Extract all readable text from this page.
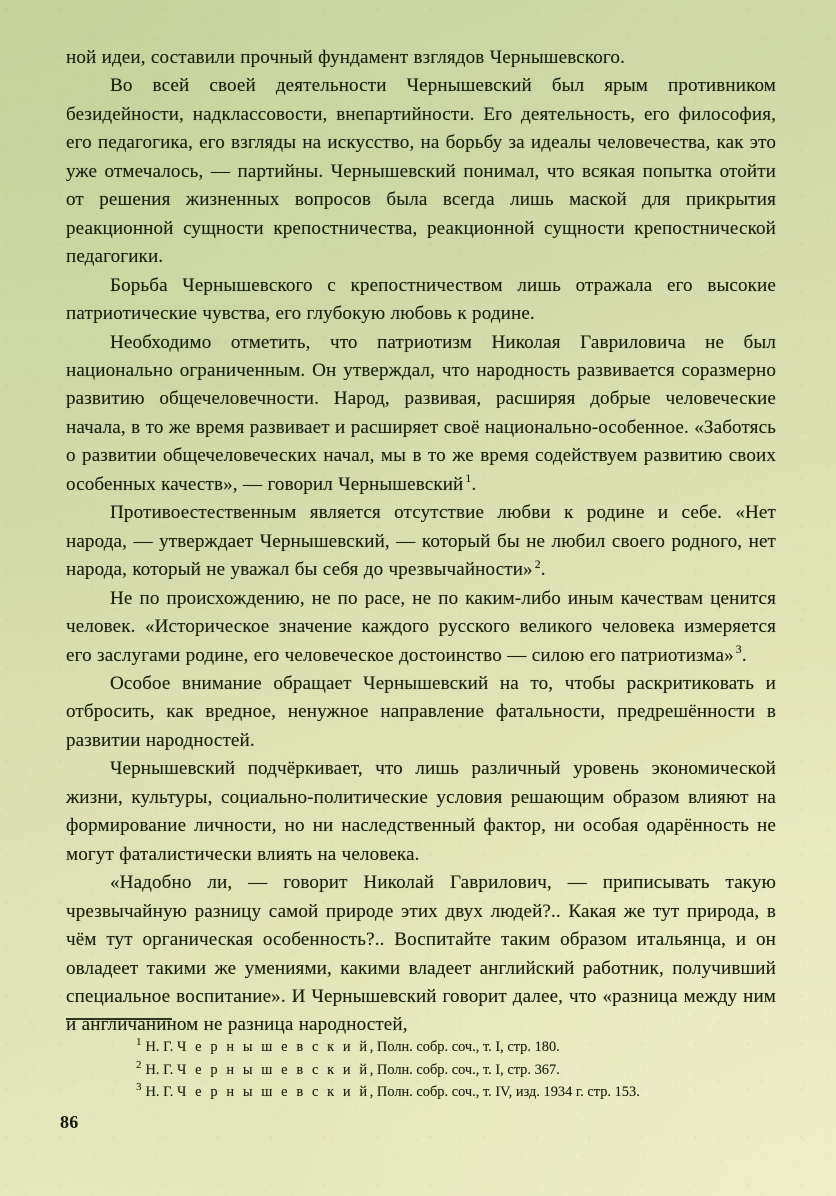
ной идеи, составили прочный фундамент взглядов Чернышевского.

Во всей своей деятельности Чернышевский был ярым противником безидейности, надклассовости, внепартийности. Его деятельность, его философия, его педагогика, его взгляды на искусство, на борьбу за идеалы человечества, как это уже отмечалось, — партийны. Чернышевский понимал, что всякая попытка отойти от решения жизненных вопросов была всегда лишь маской для прикрытия реакционной сущности крепостничества, реакционной сущности крепостнической педагогики.

Борьба Чернышевского с крепостничеством лишь отражала его высокие патриотические чувства, его глубокую любовь к родине.

Необходимо отметить, что патриотизм Николая Гавриловича не был национально ограниченным. Он утверждал, что народность развивается соразмерно развитию общечеловечности. Народ, развивая, расширяя добрые человеческие начала, в то же время развивает и расширяет своё национально-особенное. «Заботясь о развитии общечеловеческих начал, мы в то же время содействуем развитию своих особенных качеств», — говорил Чернышевский $^1$.

Противоестественным является отсутствие любви к родине и себе. «Нет народа, — утверждает Чернышевский, — который бы не любил своего родного, нет народа, который не уважал бы себя до чрезвычайности» $^2$.

Не по происхождению, не по расе, не по каким-либо иным качествам ценится человек. «Историческое значение каждого русского великого человека измеряется его заслугами родине, его человеческое достоинство — силою его патриотизма» $^3$.

Особое внимание обращает Чернышевский на то, чтобы раскритиковать и отбросить, как вредное, ненужное направление фатальности, предрешённости в развитии народностей.

Чернышевский подчёркивает, что лишь различный уровень экономической жизни, культуры, социально-политические условия решающим образом влияют на формирование личности, но ни наследственный фактор, ни особая одарённость не могут фаталистически влиять на человека.

«Надобно ли, — говорит Николай Гаврилович, — приписывать такую чрезвычайную разницу самой природе этих двух людей?.. Какая же тут природа, в чём тут органическая особенность?.. Воспитайте таким образом итальянца, и он овладеет такими же умениями, какими владеет английский работник, получивший специальное воспитание». И Чернышевский говорит далее, что «разница между ним и англичанином не разница народностей,

$^1$ Н. Г. Ч е р н ы ш е в с к и й, Полн. собр. соч., т. I, стр. 180.
$^2$ Н. Г. Ч е р н ы ш е в с к и й, Полн. собр. соч., т. I, стр. 367.
$^3$ Н. Г. Ч е р н ы ш е в с к и й, Полн. собр. соч., т. IV, изд. 1934 г. стр. 153.
86
